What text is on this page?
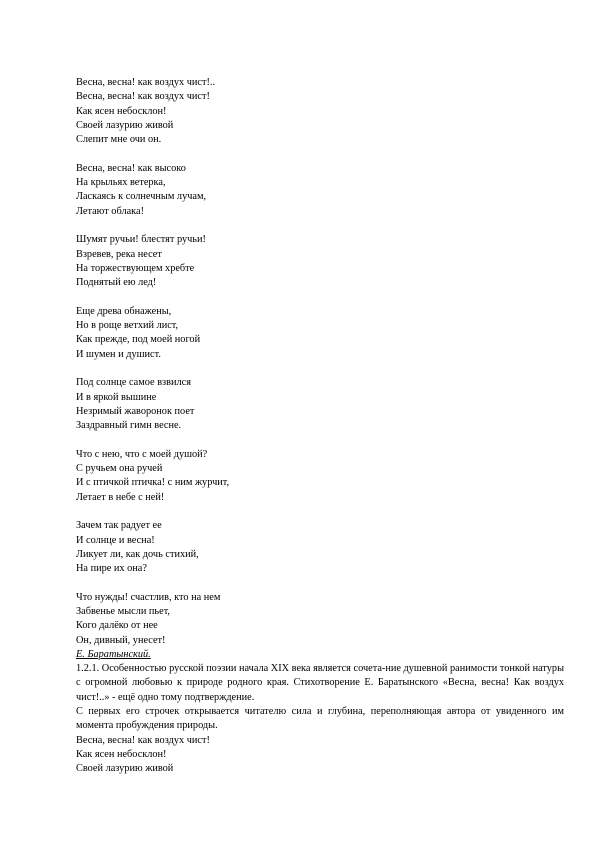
Весна, весна! как воздух чист!..
Весна, весна! как воздух чист!
Как ясен небосклон!
Своей лазурию живой
Слепит мне очи он.
Весна, весна! как высоко
На крыльях ветерка,
Ласкаясь к солнечным лучам,
Летают облака!
Шумят ручьи! блестят ручьи!
Взревев, река несет
На торжествующем хребте
Поднятый ею лед!
Еще древа обнажены,
Но в роще ветхий лист,
Как прежде, под моей ногой
И шумен и душист.
Под солнце самое взвился
И в яркой вышине
Незримый жаворонок поет
Заздравный гимн весне.
Что с нею, что с моей душой?
С ручьем она ручей
И с птичкой птичка! с ним журчит,
Летает в небе с ней!
Зачем так радует ее
И солнце и весна!
Ликует ли, как дочь стихий,
На пире их она?
Что нужды! счастлив, кто на нем
Забвенье мысли пьет,
Кого далёко от нее
Он, дивный, унесет!
Е. Баратынский.
1.2.1. Особенностью русской поэзии начала XIX века является сочета-ние душевной ранимости тонкой натуры с огромной любовью к природе родного края. Стихотворение Е. Баратынского «Весна, весна! Как воздух чист!..» - ещё одно тому подтверждение.
С первых его строчек открывается читателю сила и глубина, переполняющая автора от увиденного им момента пробуждения природы.
Весна, весна! как воздух чист!
Как ясен небосклон!
Своей лазурию живой
